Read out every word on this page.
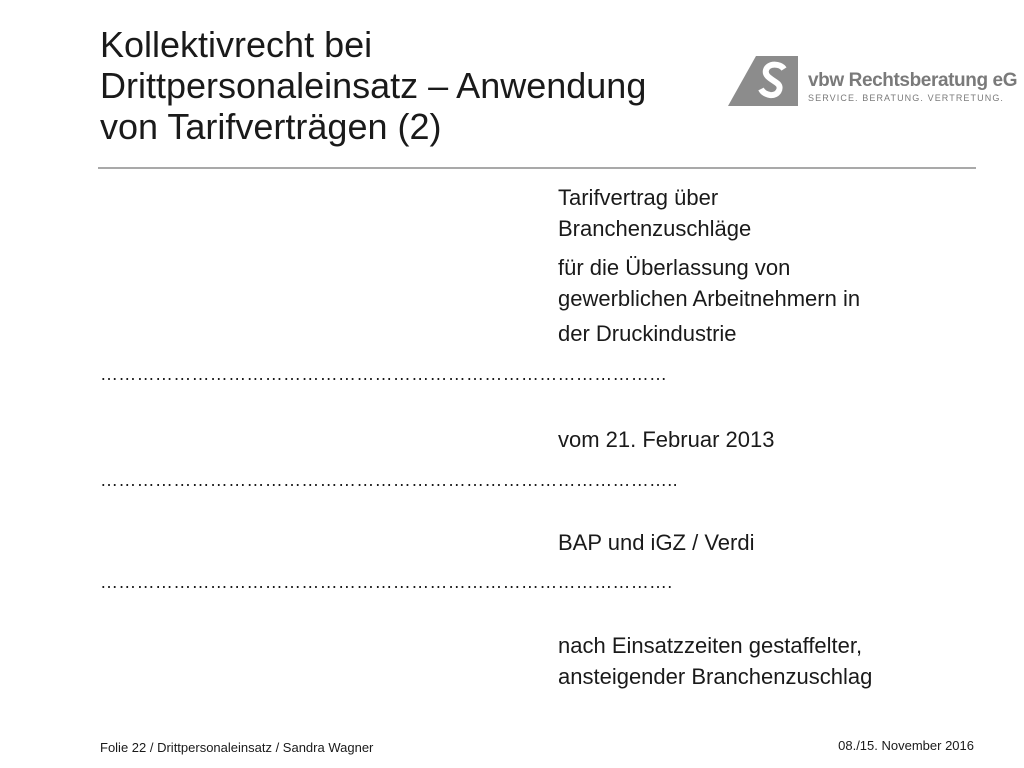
Kollektivrecht bei
Drittpersonaleinsatz – Anwendung
von Tarifverträgen (2)
vbw Rechtsberatung eG
SERVICE. BERATUNG. VERTRETUNG.

Tarifvertrag über
Branchenzuschläge

für die Überlassung von
gewerblichen Arbeitnehmern in

der Druckindustrie

…………………………………………………………………………………

vom 21. Februar 2013

…………………………………………………………………………………..

BAP und iGZ / Verdi

………………………………………………………………………………….

nach Einsatzzeiten gestaffelter,
ansteigender Branchenzuschlag

Folie 22 / Drittpersonaleinsatz / Sandra Wagner	08./15. November 2016
